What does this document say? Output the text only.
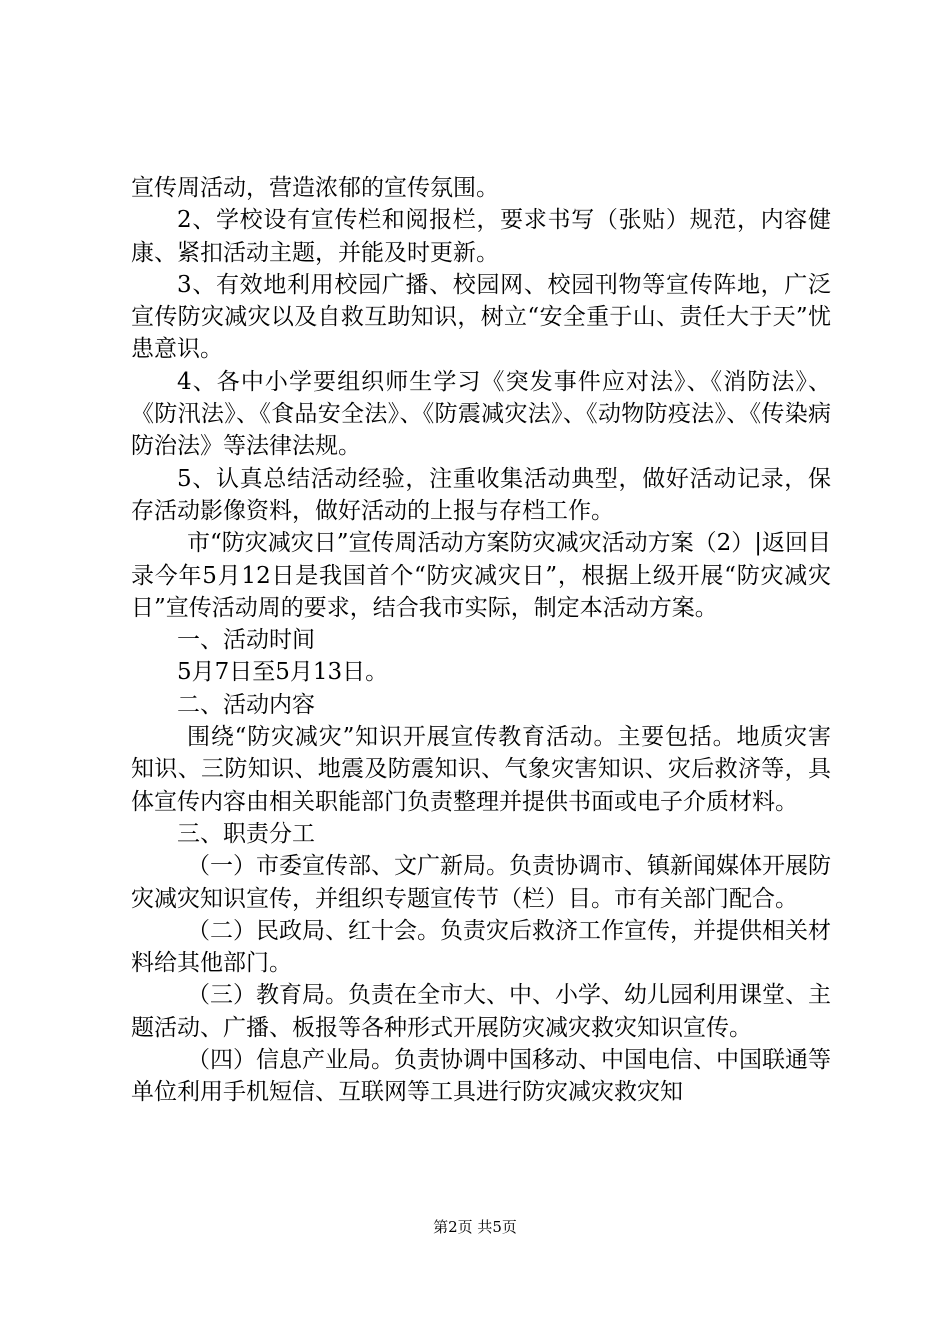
宣传周活动，营造浓郁的宣传氛围。

2、学校设有宣传栏和阅报栏，要求书写（张贴）规范，内容健康、紧扣活动主题，并能及时更新。

3、有效地利用校园广播、校园网、校园刊物等宣传阵地，广泛宣传防灾减灾以及自救互助知识，树立“安全重于山、责任大于天”忧患意识。

4、各中小学要组织师生学习《突发事件应对法》、《消防法》、《防汛法》、《食品安全法》、《防震减灾法》、《动物防疫法》、《传染病防治法》等法律法规。

5、认真总结活动经验，注重收集活动典型，做好活动记录，保存活动影像资料，做好活动的上报与存档工作。

市“防灾减灾日”宣传周活动方案防灾减灾活动方案（2）|返回目录今年5月12日是我国首个“防灾减灾日”，根据上级开展“防灾减灾日”宣传活动周的要求，结合我市实际，制定本活动方案。

一、活动时间

5月7日至5月13日。

二、活动内容

围绕“防灾减灾”知识开展宣传教育活动。主要包括。地质灾害知识、三防知识、地震及防震知识、气象灾害知识、灾后救济等，具体宣传内容由相关职能部门负责整理并提供书面或电子介质材料。

三、职责分工

（一）市委宣传部、文广新局。负责协调市、镇新闻媒体开展防灾减灾知识宣传，并组织专题宣传节（栏）目。市有关部门配合。

（二）民政局、红十会。负责灾后救济工作宣传，并提供相关材料给其他部门。

（三）教育局。负责在全市大、中、小学、幼儿园利用课堂、主题活动、广播、板报等各种形式开展防灾减灾救灾知识宣传。

（四）信息产业局。负责协调中国移动、中国电信、中国联通等单位利用手机短信、互联网等工具进行防灾减灾救灾知

第2页 共5页
